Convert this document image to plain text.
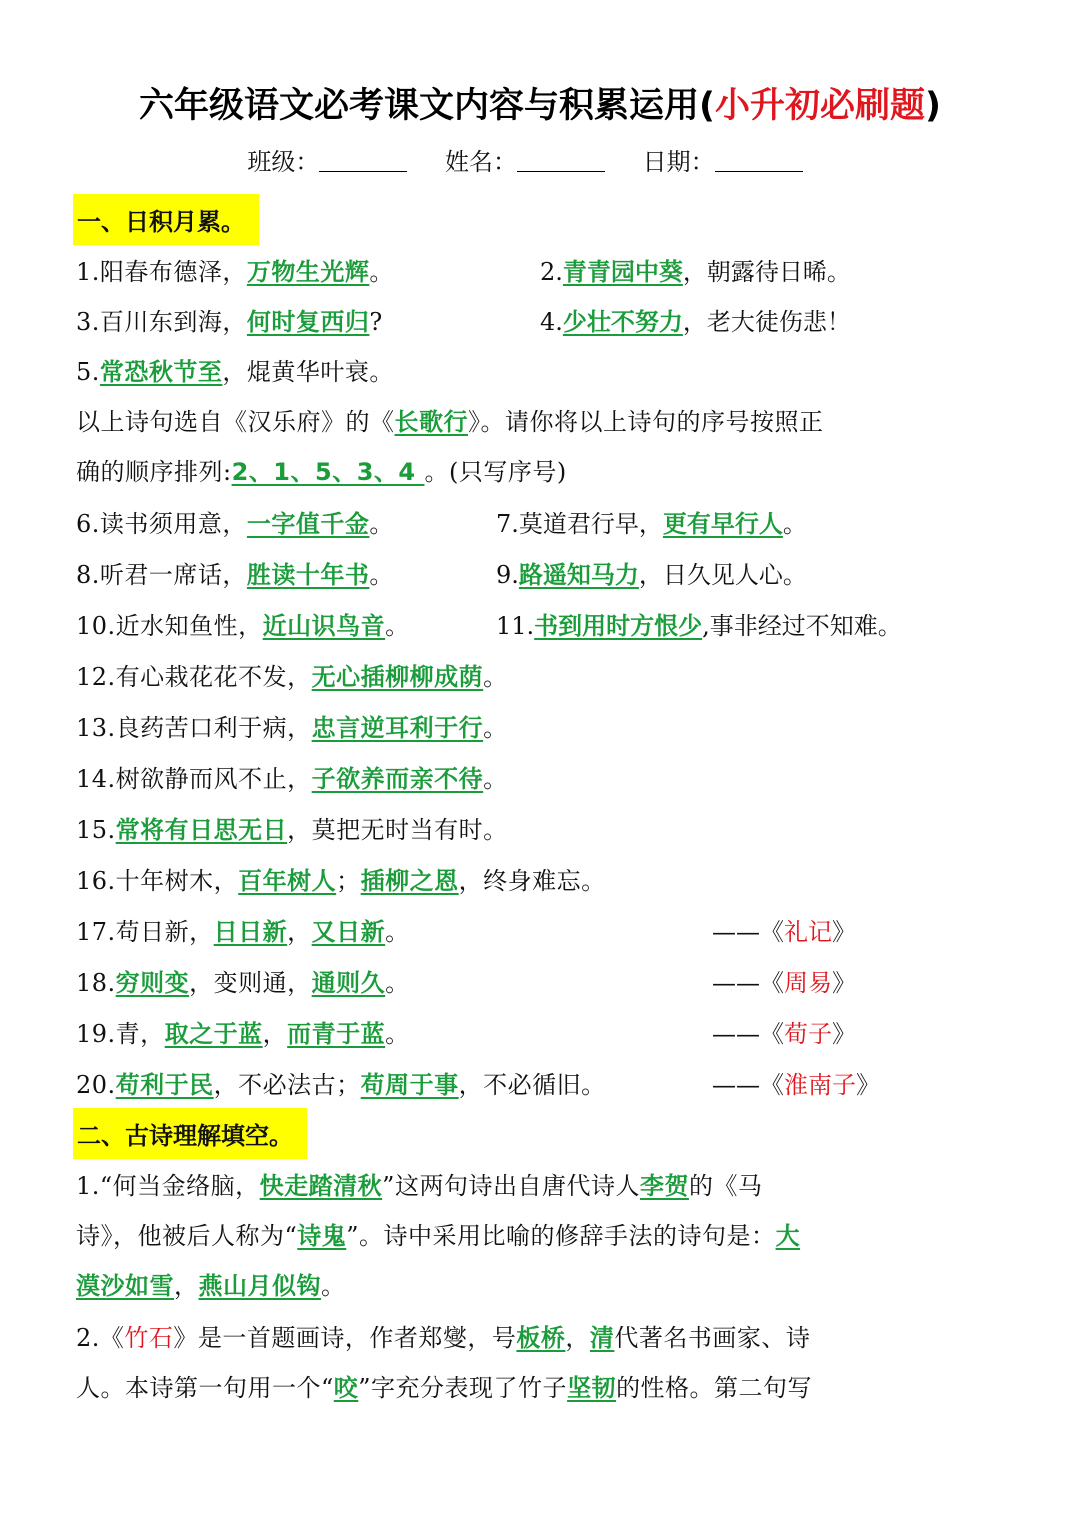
六年级语文必考课文内容与积累运用(小升初必刷题)
班级：	姓名：	日期：
一、日积月累。
1.阳春布德泽，万物生光辉。	2.青青园中葵，朝露待日晞。
3.百川东到海，何时复西归?	4.少壮不努力，老大徒伤悲！
5.常恐秋节至，焜黄华叶衰。
以上诗句选自《汉乐府》的《长歌行》。请你将以上诗句的序号按照正
确的顺序排列:2、1、5、3、4 。(只写序号)
6.读书须用意，一字值千金。	7.莫道君行早，更有早行人。
8.听君一席话，胜读十年书。	9.路遥知马力，日久见人心。
10.近水知鱼性，近山识鸟音。	11.书到用时方恨少,事非经过不知难。
12.有心栽花花不发，无心插柳柳成荫。
13.良药苦口利于病，忠言逆耳利于行。
14.树欲静而风不止，子欲养而亲不待。
15.常将有日思无日，莫把无时当有时。
16.十年树木，百年树人；插柳之恩，终身难忘。
17.苟日新，日日新，又日新。	——《礼记》
18.穷则变，变则通，通则久。	——《周易》
19.青，取之于蓝，而青于蓝。	——《荀子》
20.苟利于民，不必法古；苟周于事，不必循旧。	——《淮南子》
二、古诗理解填空。
1.“何当金络脑，快走踏清秋”这两句诗出自唐代诗人李贺的《马
诗》，他被后人称为“诗鬼”。诗中采用比喻的修辞手法的诗句是：大
漠沙如雪，燕山月似钩。
2.《竹石》是一首题画诗，作者郑燮，号板桥，清代著名书画家、诗
人。本诗第一句用一个“咬”字充分表现了竹子坚韧的性格。第二句写
